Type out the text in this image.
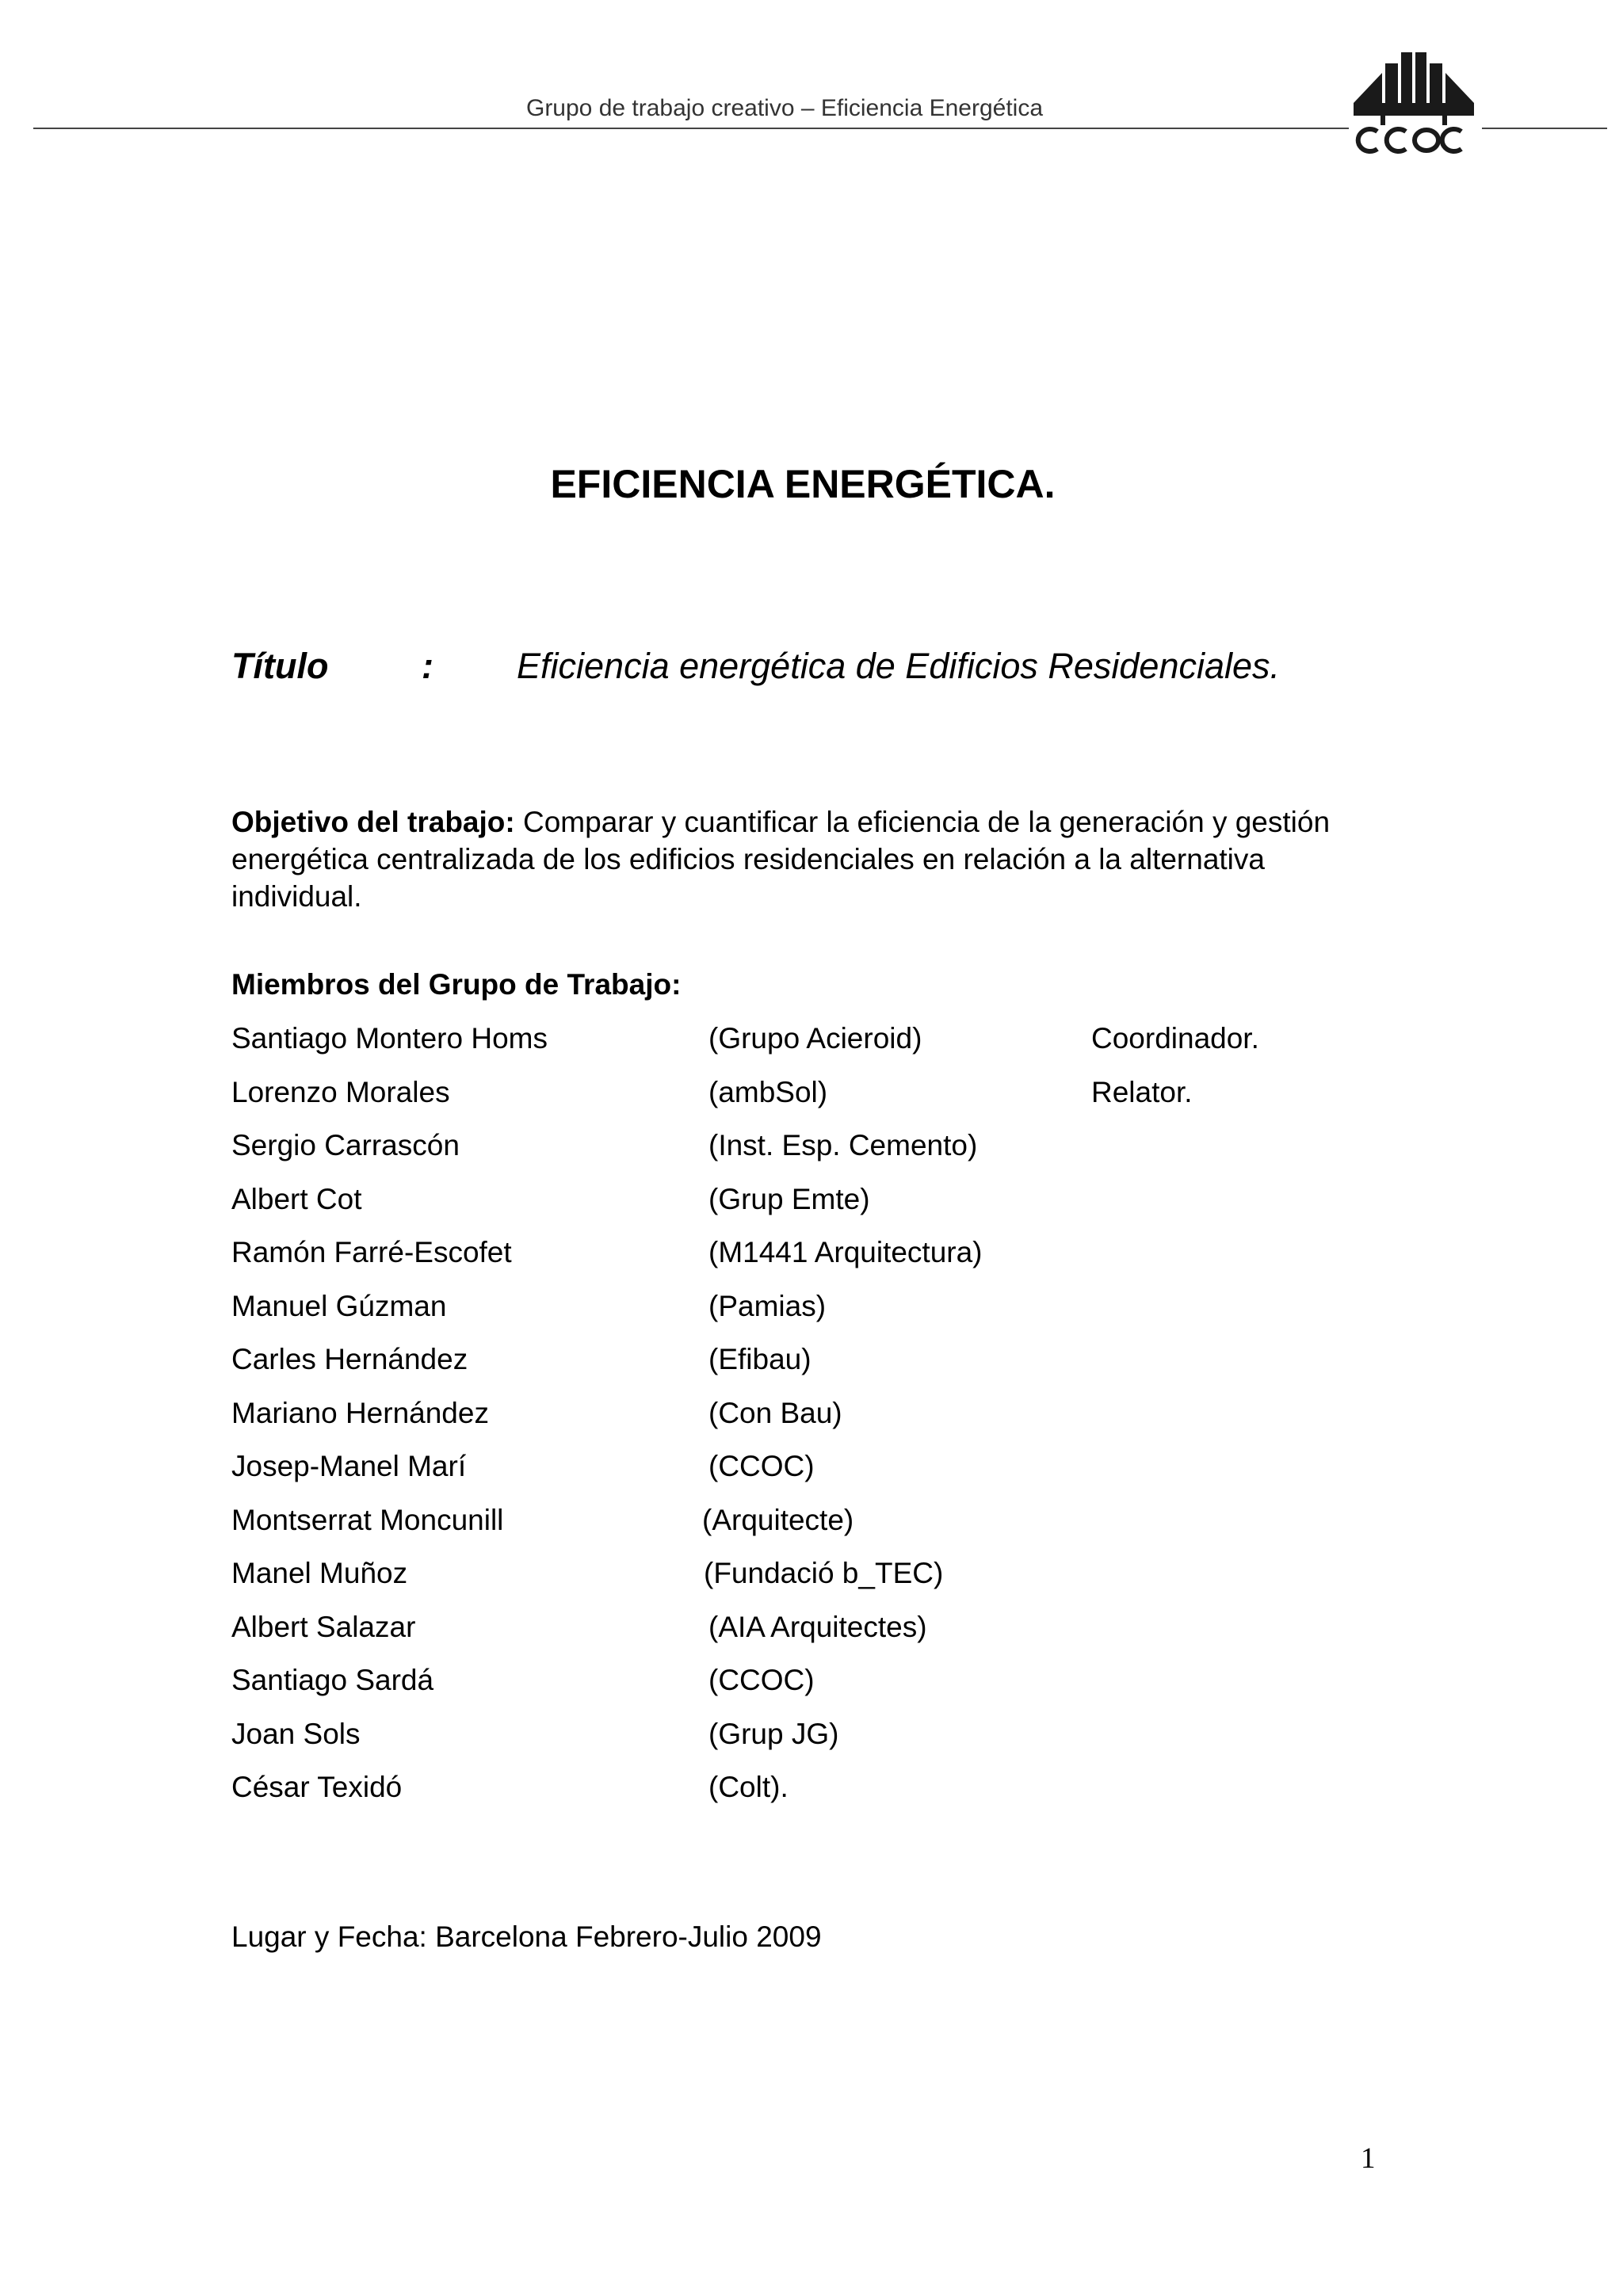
Grupo de trabajo creativo – Eficiencia Energética
EFICIENCIA ENERGÉTICA.
Título	: Eficiencia energética de Edificios Residenciales.
Objetivo del trabajo: Comparar y cuantificar la eficiencia de la generación y gestión energética centralizada de los edificios residenciales en relación a la alternativa individual.
Miembros del Grupo de Trabajo:
Santiago Montero Homs	(Grupo Acieroid)	Coordinador.
Lorenzo Morales	(ambSol)	Relator.
Sergio Carrascón	(Inst. Esp. Cemento)
Albert Cot	(Grup Emte)
Ramón Farré-Escofet	(M1441 Arquitectura)
Manuel Gúzman	(Pamias)
Carles Hernández	(Efibau)
Mariano Hernández	(Con Bau)
Josep-Manel Marí	(CCOC)
Montserrat Moncunill	(Arquitecte)
Manel Muñoz	(Fundació b_TEC)
Albert Salazar	(AIA Arquitectes)
Santiago Sardá	(CCOC)
Joan Sols	(Grup JG)
César Texidó	(Colt).
Lugar y Fecha: Barcelona Febrero-Julio 2009
1
